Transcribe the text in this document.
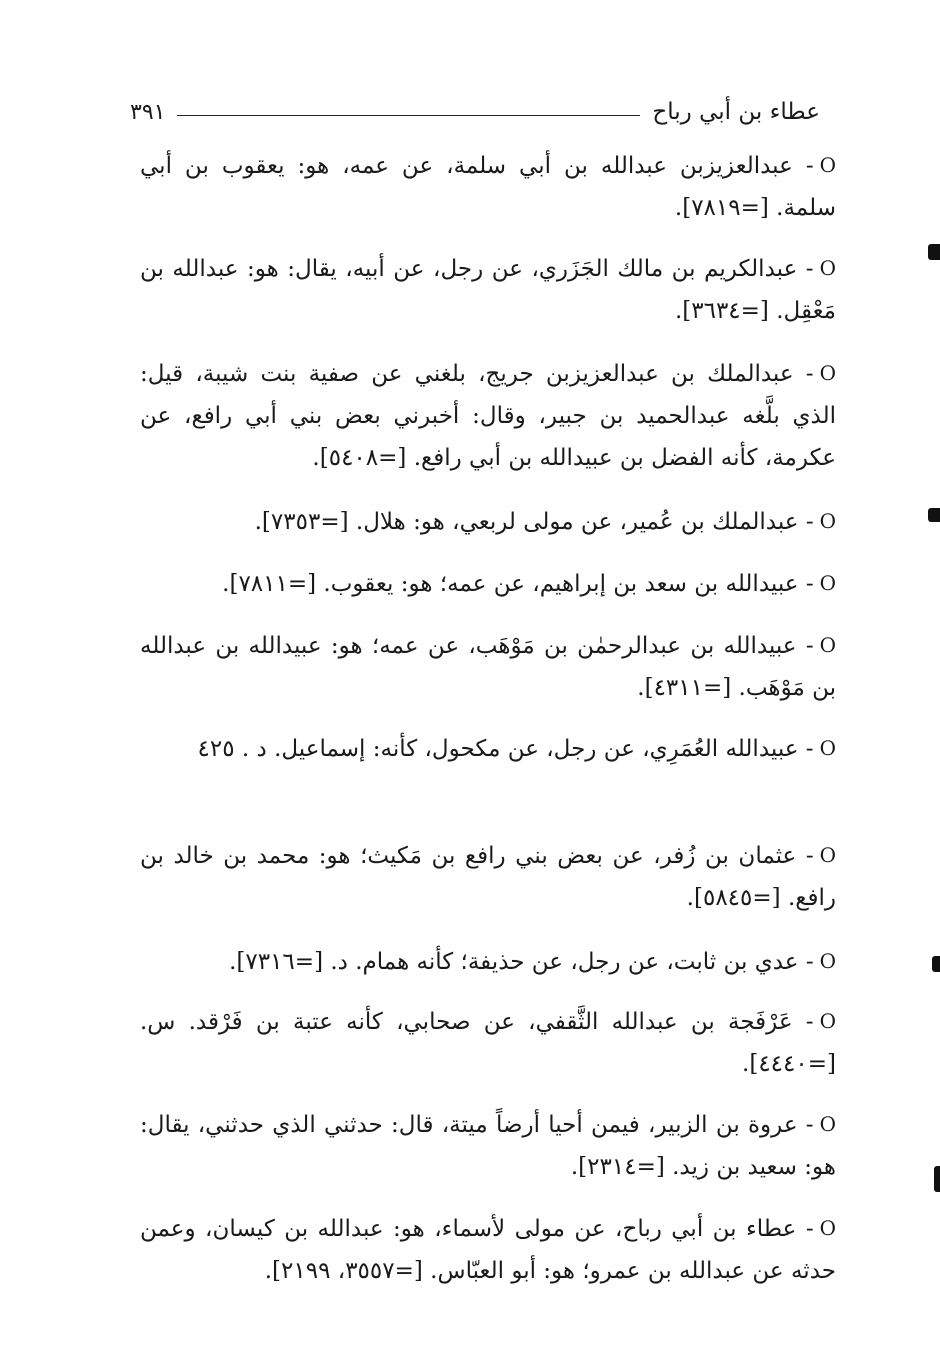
عطاء بن أبي رباح
٣٩١
O- عبدالعزيزبن عبدالله بن أبي سلمة، عن عمه، هو: يعقوب بن أبي سلمة. [=٧٨١٩].
O- عبدالكريم بن مالك الجَزَري، عن رجل، عن أبيه، يقال: هو: عبدالله بن مَعْقِل. [=٣٦٣٤].
O- عبدالملك بن عبدالعزيزبن جريج، بلغني عن صفية بنت شيبة، قيل: الذي بلَّغه عبدالحميد بن جبير، وقال: أخبرني بعض بني أبي رافع، عن عكرمة، كأنه الفضل بن عبيدالله بن أبي رافع. [=٥٤٠٨].
O- عبدالملك بن عُمير، عن مولى لربعي، هو: هلال. [=٧٣٥٣].
O- عبيدالله بن سعد بن إبراهيم، عن عمه؛ هو: يعقوب. [=٧٨١١].
O- عبيدالله بن عبدالرحمٰن بن مَوْهَب، عن عمه؛ هو: عبيدالله بن عبدالله بن مَوْهَب. [=٤٣١١].
O- عبيدالله العُمَرِي، عن رجل، عن مكحول، كأنه: إسماعيل. د . ٤٢٥
O- عثمان بن زُفر، عن بعض بني رافع بن مَكيث؛ هو: محمد بن خالد بن رافع. [=٥٨٤٥].
O- عدي بن ثابت، عن رجل، عن حذيفة؛ كأنه همام. د. [=٧٣١٦].
O- عَرْفَجة بن عبدالله الثَّقفي، عن صحابي، كأنه عتبة بن فَرْقد. س. [=٤٤٤٠].
O- عروة بن الزبير، فيمن أحيا أرضاً ميتة، قال: حدثني الذي حدثني، يقال: هو: سعيد بن زيد. [=٢٣١٤].
O- عطاء بن أبي رباح، عن مولى لأسماء، هو: عبدالله بن كيسان، وعمن حدثه عن عبدالله بن عمرو؛ هو: أبو العبّاس. [=٣٥٥٧، ٢١٩٩].
